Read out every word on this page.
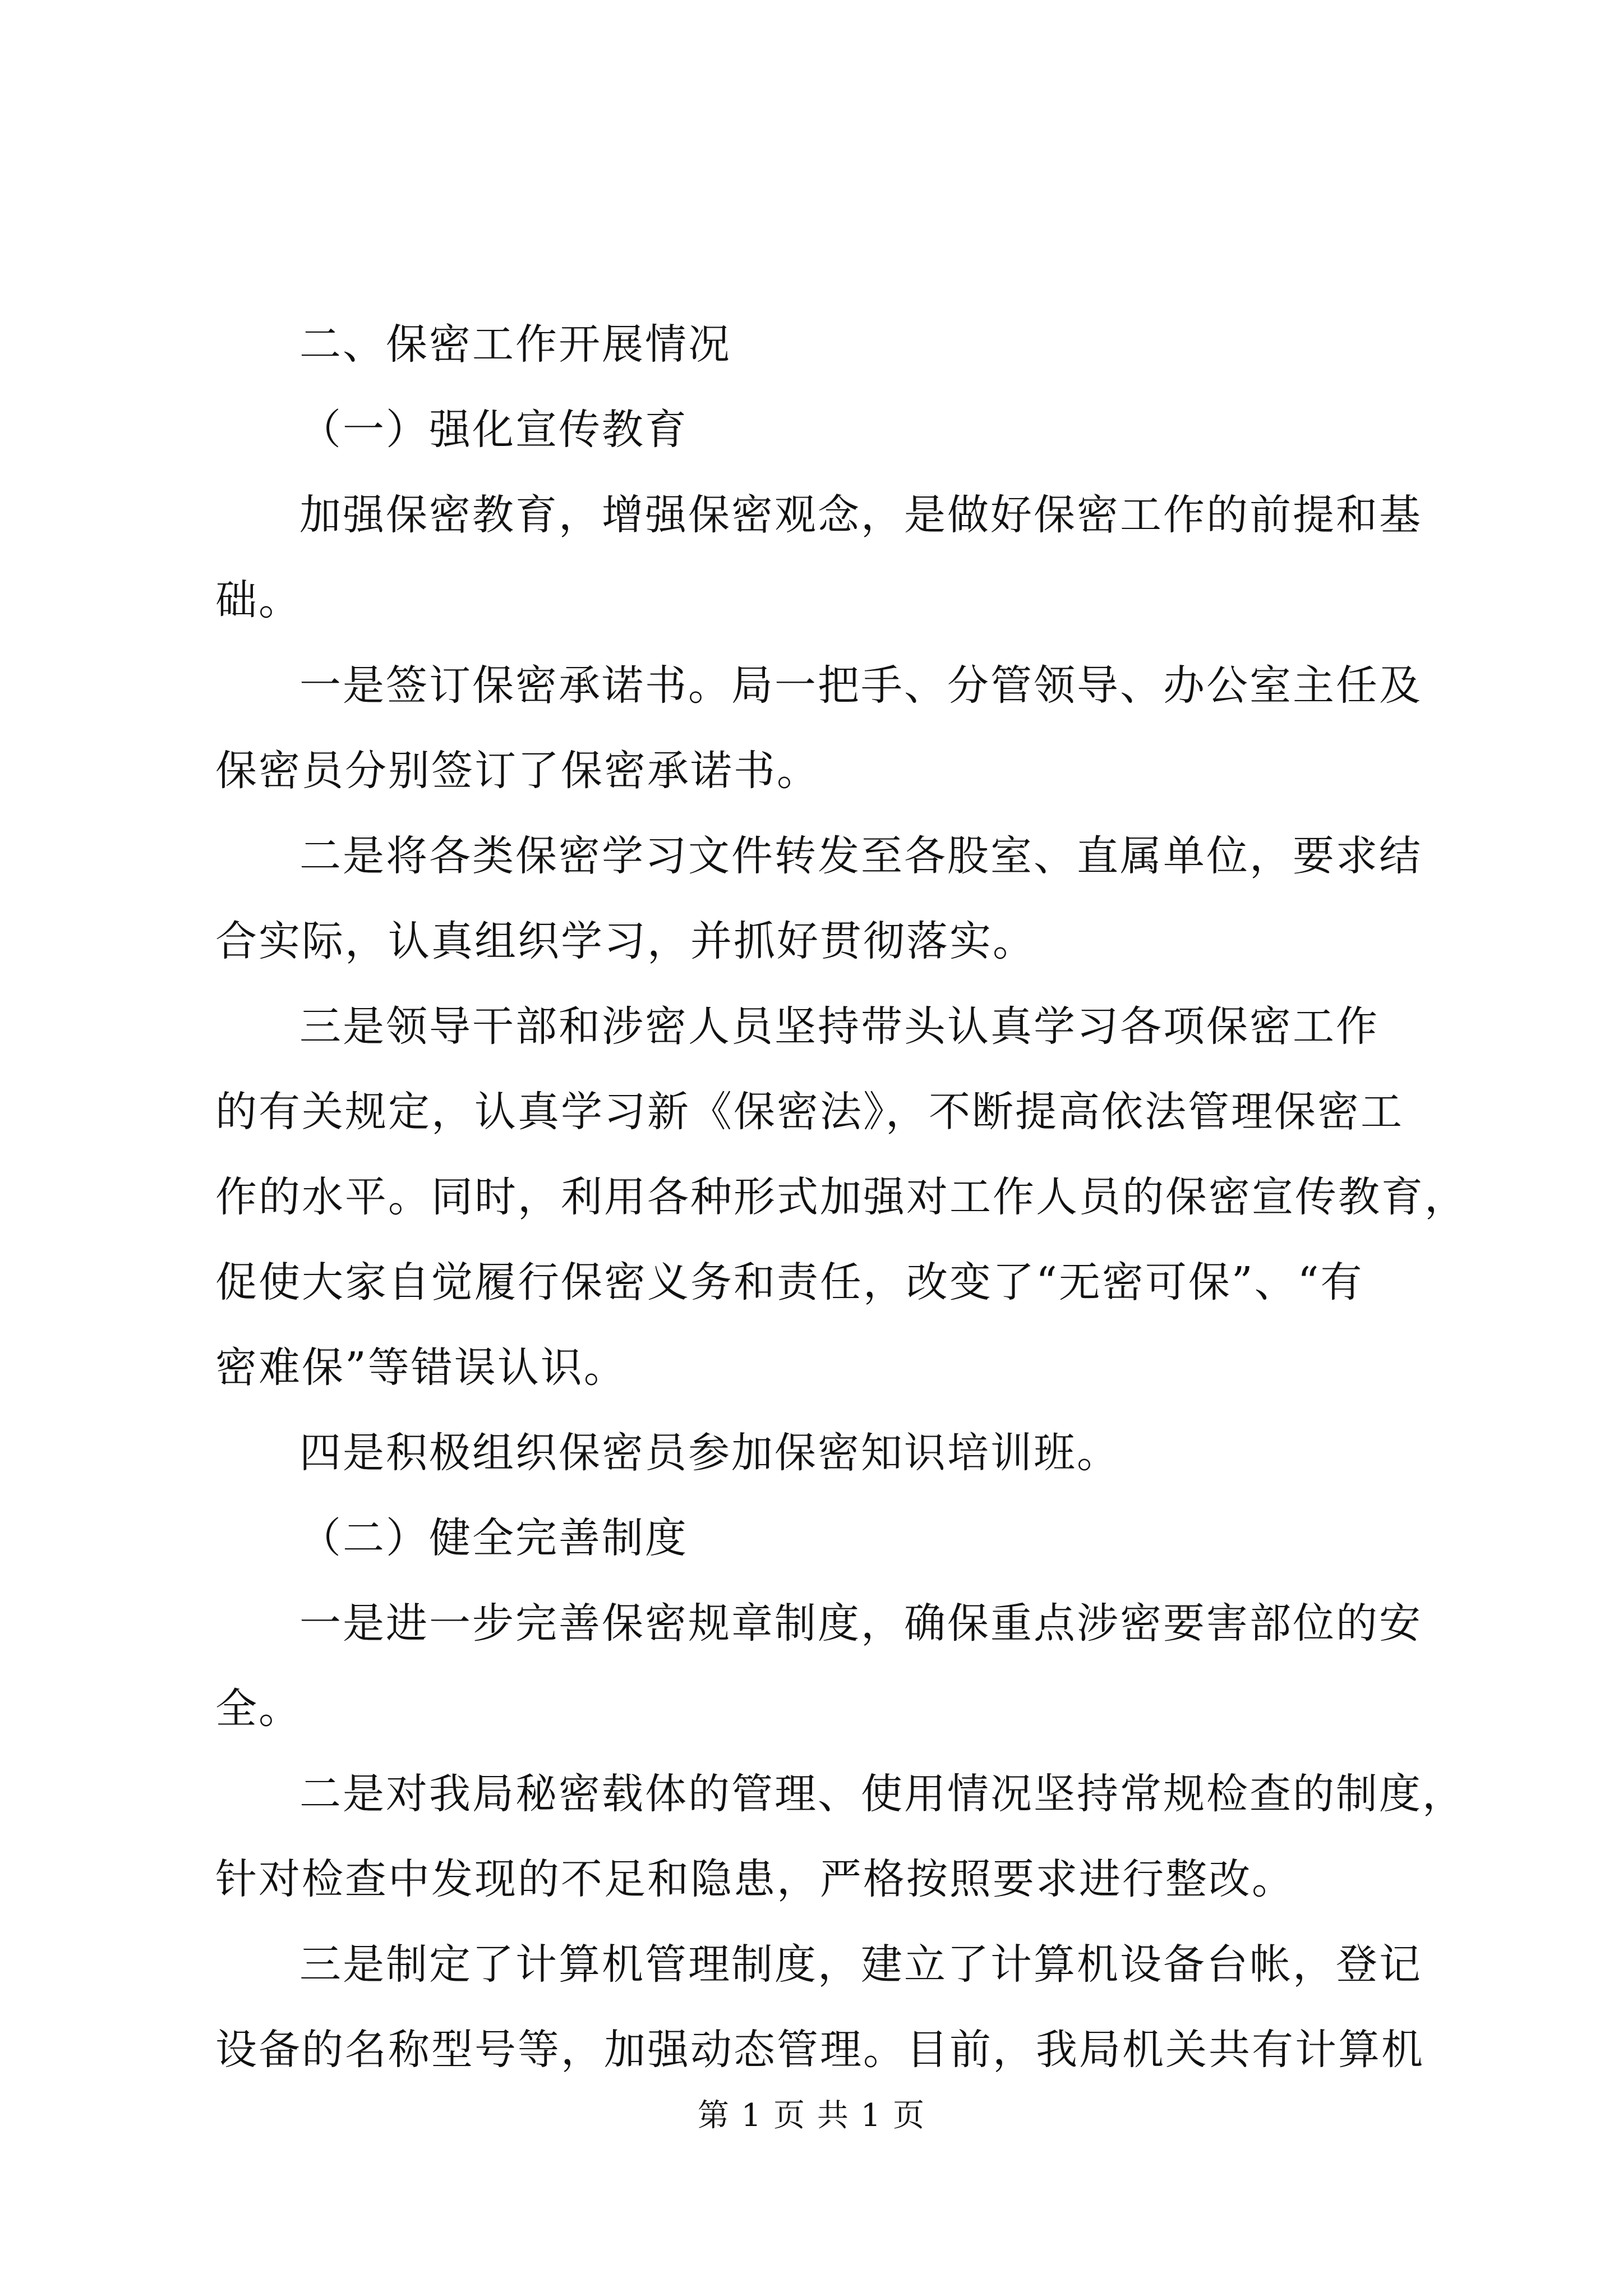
二、保密工作开展情况
（一）强化宣传教育
加强保密教育，增强保密观念，是做好保密工作的前提和基
础。
一是签订保密承诺书。局一把手、分管领导、办公室主任及
保密员分别签订了保密承诺书。
二是将各类保密学习文件转发至各股室、直属单位，要求结
合实际，认真组织学习，并抓好贯彻落实。
三是领导干部和涉密人员坚持带头认真学习各项保密工作
的有关规定，认真学习新《保密法》，不断提高依法管理保密工
作的水平。同时，利用各种形式加强对工作人员的保密宣传教育，
促使大家自觉履行保密义务和责任，改变了“无密可保”、“有
密难保”等错误认识。
四是积极组织保密员参加保密知识培训班。
（二）健全完善制度
一是进一步完善保密规章制度，确保重点涉密要害部位的安
全。
二是对我局秘密载体的管理、使用情况坚持常规检查的制度，
针对检查中发现的不足和隐患，严格按照要求进行整改。
三是制定了计算机管理制度，建立了计算机设备台帐，登记
设备的名称型号等，加强动态管理。目前，我局机关共有计算机
第 1 页 共 1 页
